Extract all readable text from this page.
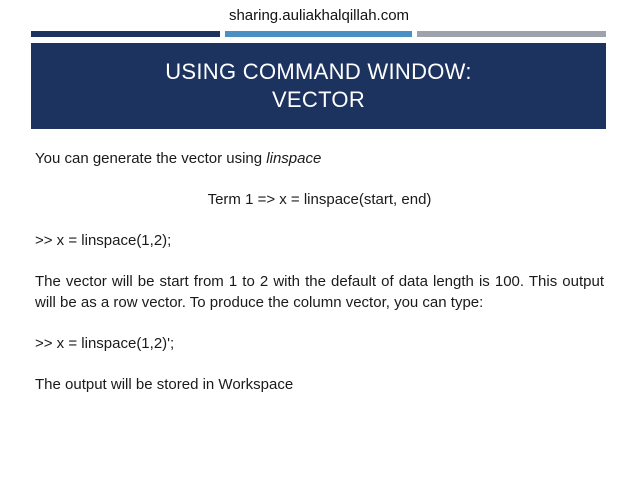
sharing.auliakhalqillah.com
USING COMMAND WINDOW:
VECTOR

You can generate the vector using linspace

Term 1 => x = linspace(start, end)

>> x = linspace(1,2);

The vector will be start from 1 to 2 with the default of data length is 100. This output will be as a row vector. To produce the column vector, you can type:

>> x = linspace(1,2)';

The output will be stored in Workspace
